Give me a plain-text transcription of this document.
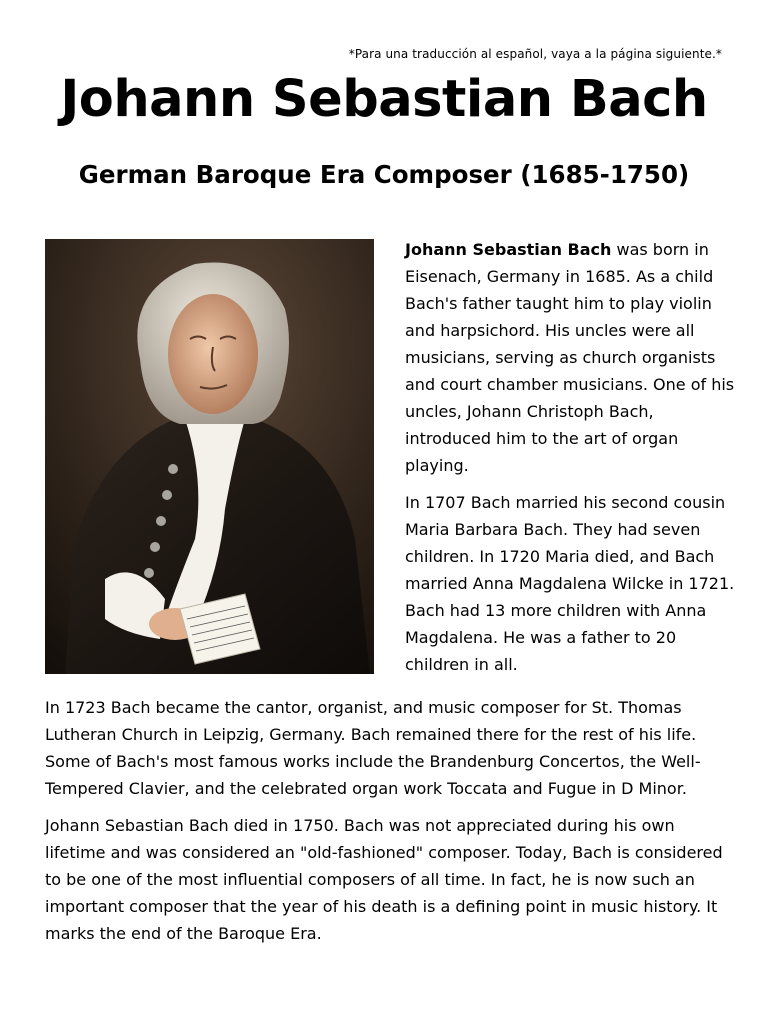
*Para una traducción al español, vaya a la página siguiente.*
Johann Sebastian Bach
German Baroque Era Composer (1685-1750)

Johann Sebastian Bach was born in Eisenach, Germany in 1685. As a child Bach's father taught him to play violin and harpsichord. His uncles were all musicians, serving as church organists and court chamber musicians. One of his uncles, Johann Christoph Bach, introduced him to the art of organ playing.

In 1707 Bach married his second cousin Maria Barbara Bach. They had seven children. In 1720 Maria died, and Bach married Anna Magdalena Wilcke in 1721. Bach had 13 more children with Anna Magdalena. He was a father to 20 children in all.

In 1723 Bach became the cantor, organist, and music composer for St. Thomas Lutheran Church in Leipzig, Germany. Bach remained there for the rest of his life. Some of Bach's most famous works include the Brandenburg Concertos, the Well-Tempered Clavier, and the celebrated organ work Toccata and Fugue in D Minor.

Johann Sebastian Bach died in 1750. Bach was not appreciated during his own lifetime and was considered an "old-fashioned" composer. Today, Bach is considered to be one of the most influential composers of all time. In fact, he is now such an important composer that the year of his death is a defining point in music history. It marks the end of the Baroque Era.
